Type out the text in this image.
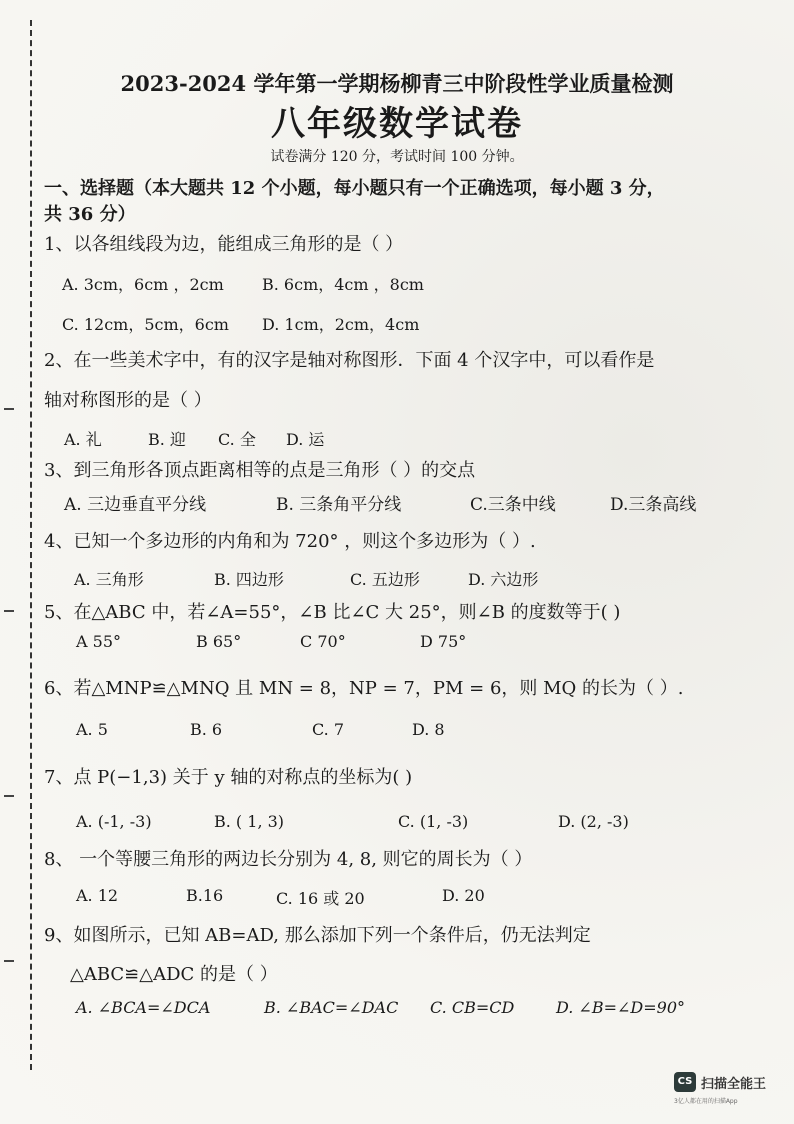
2023-2024 学年第一学期杨柳青三中阶段性学业质量检测
八年级数学试卷
试卷满分 120 分，考试时间 100 分钟。
一、选择题（本大题共 12 个小题，每小题只有一个正确选项，每小题 3 分，
共 36 分）
1、以各组线段为边，能组成三角形的是（ ）
A. 3cm，6cm ，2cm B. 6cm，4cm ，8cm
C. 12cm，5cm，6cm D. 1cm，2cm，4cm
2、在一些美术字中，有的汉字是轴对称图形．下面 4 个汉字中，可以看作是
轴对称图形的是（ ）
A. 礼	B. 迎 C. 全 D. 运
3、到三角形各顶点距离相等的点是三角形（ ）的交点
A. 三边垂直平分线	B. 三条角平分线	C.三条中线	D.三条高线
4、已知一个多边形的内角和为 720° ，则这个多边形为（ ）.
A. 三角形	B. 四边形	C. 五边形	D. 六边形
5、在△ABC 中，若∠A=55°，∠B 比∠C 大 25°，则∠B 的度数等于( )
A 55°	B 65°	C 70°	D 75°
6、若△MNP≌△MNQ 且 MN = 8，NP = 7，PM = 6，则 MQ 的长为（ ）.
A. 5	B. 6	C. 7	D. 8
7、点 P(−1,3) 关于 y 轴的对称点的坐标为( )
A. (-1, -3)	B. ( 1, 3)	C. (1, -3)	D. (2, -3)
8、 一个等腰三角形的两边长分别为 4, 8, 则它的周长为（ ）
A. 12	B.16	C. 16 或 20	D. 20
9、如图所示，已知 AB=AD, 那么添加下列一个条件后，仍无法判定
△ABC≌△ADC 的是（ ）
A. ∠BCA=∠DCA	B. ∠BAC=∠DAC C. CB=CD	D. ∠B=∠D=90°
CS 扫描全能王
3亿人都在用的扫描App
